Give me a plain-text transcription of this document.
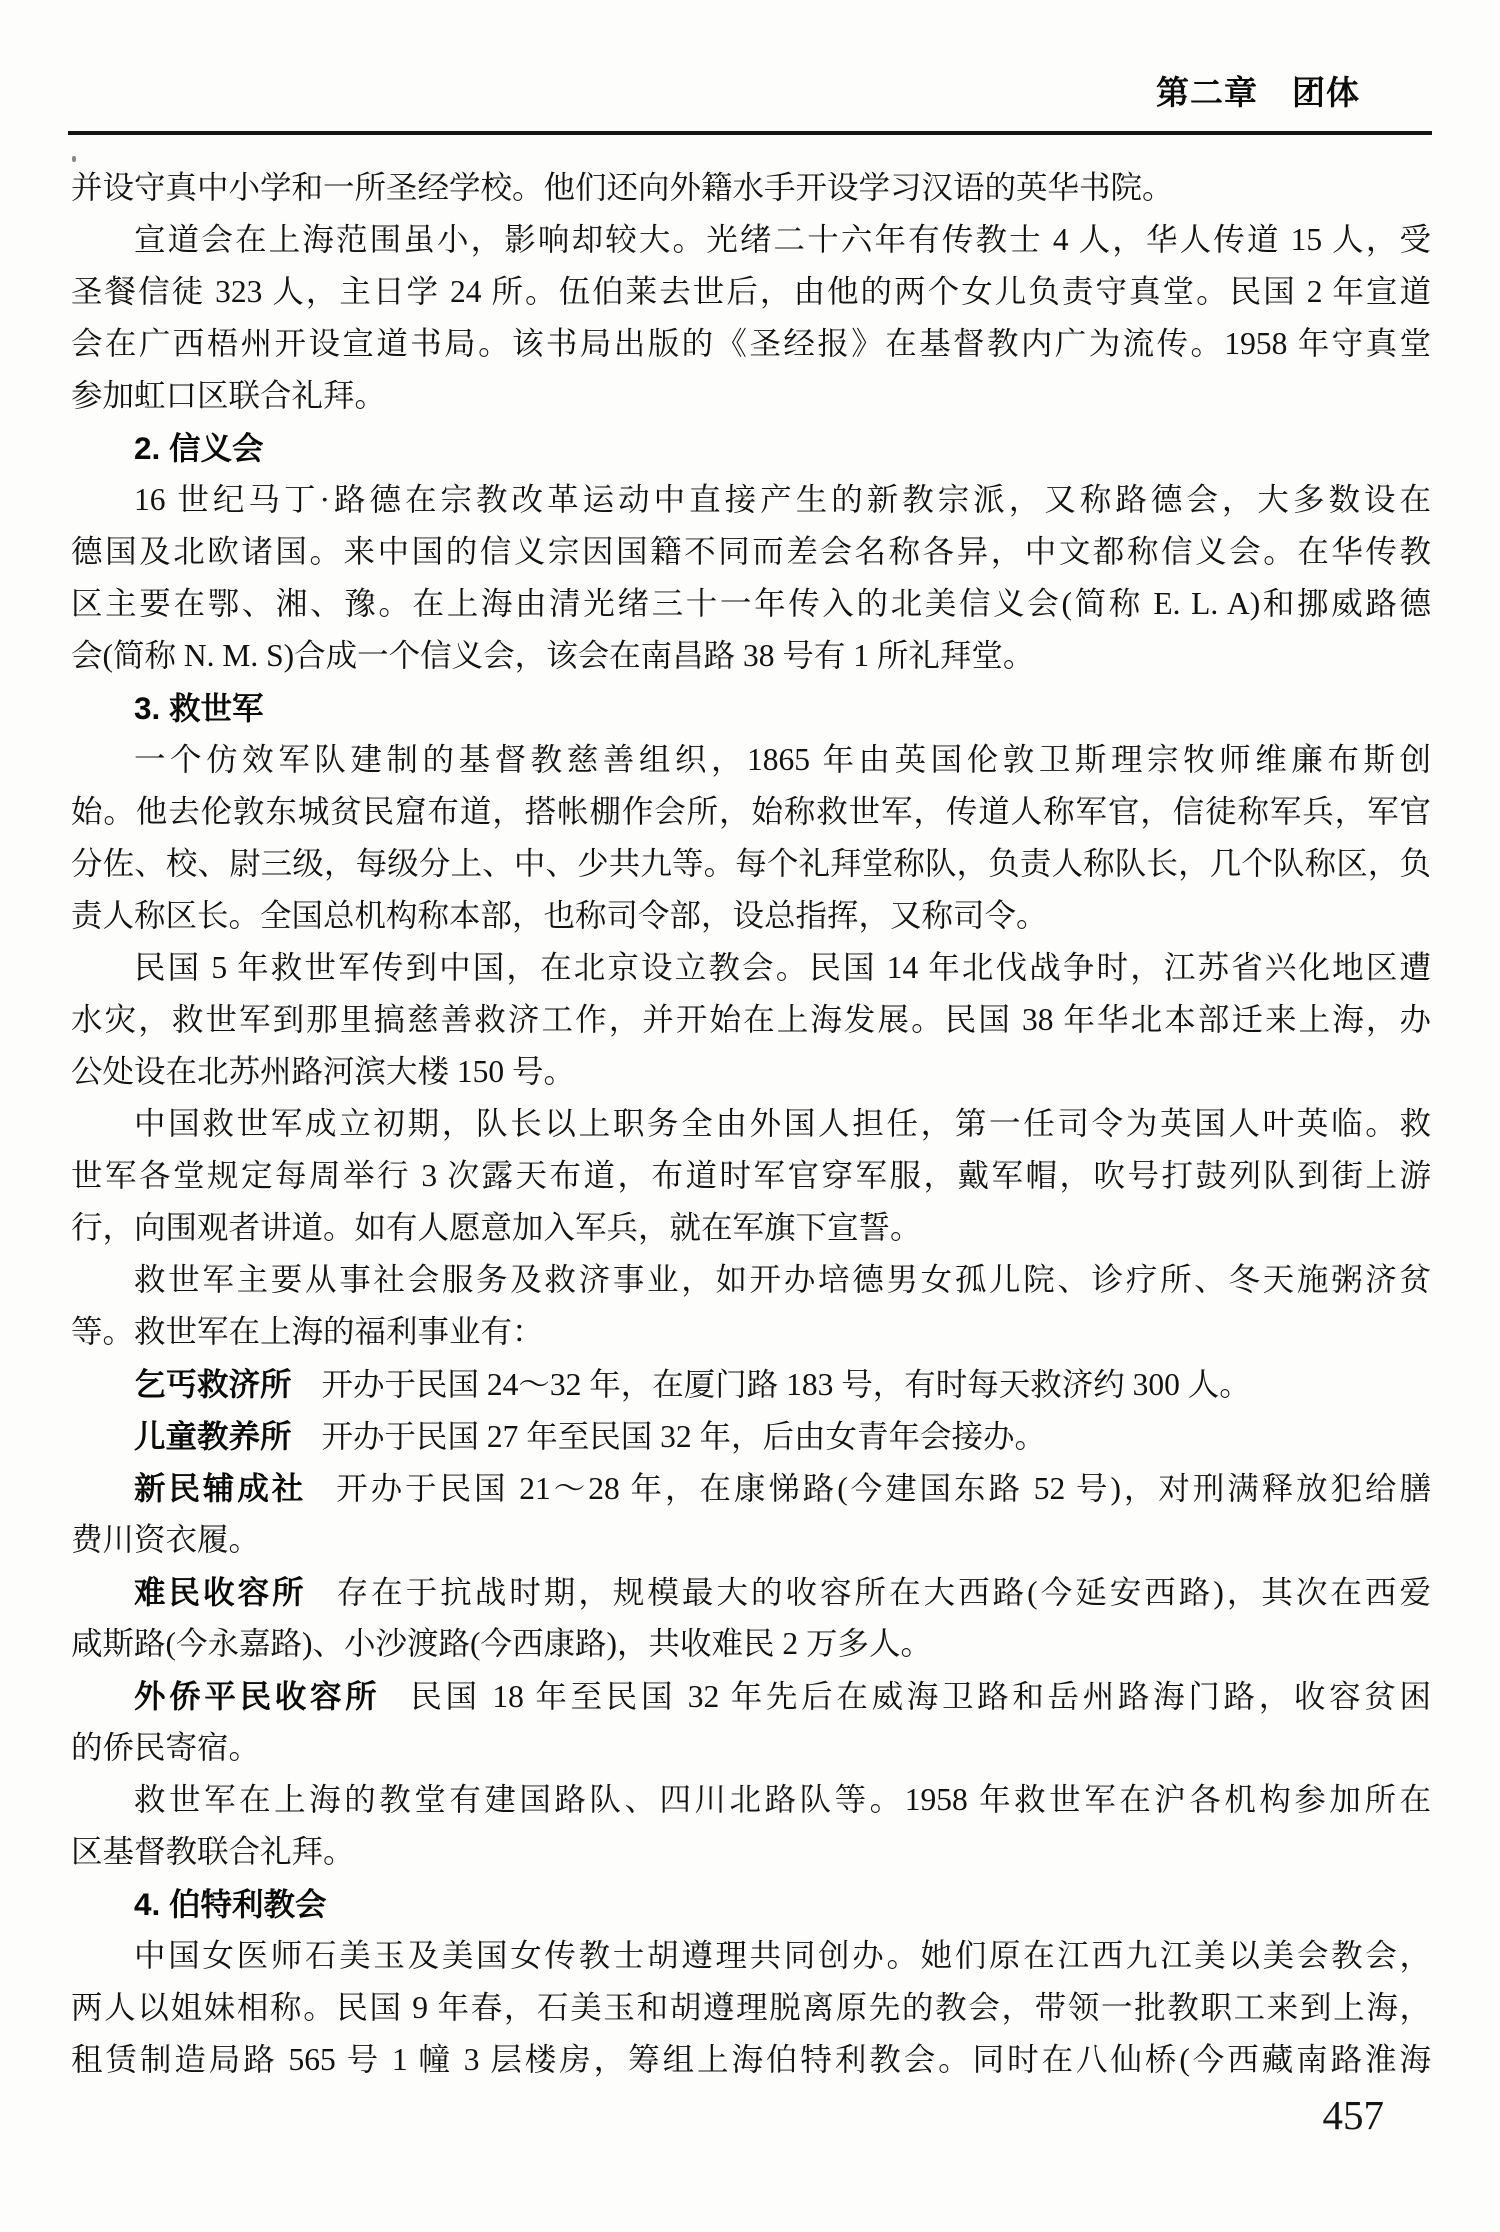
第二章　团体
并设守真中小学和一所圣经学校。他们还向外籍水手开设学习汉语的英华书院。
宣道会在上海范围虽小，影响却较大。光绪二十六年有传教士 4 人，华人传道 15 人，受
圣餐信徒 323 人，主日学 24 所。伍伯莱去世后，由他的两个女儿负责守真堂。民国 2 年宣道
会在广西梧州开设宣道书局。该书局出版的《圣经报》在基督教内广为流传。1958 年守真堂
参加虹口区联合礼拜。
2. 信义会
16 世纪马丁·路德在宗教改革运动中直接产生的新教宗派，又称路德会，大多数设在
德国及北欧诸国。来中国的信义宗因国籍不同而差会名称各异，中文都称信义会。在华传教
区主要在鄂、湘、豫。在上海由清光绪三十一年传入的北美信义会(简称 E. L. A)和挪威路德
会(简称 N. M. S)合成一个信义会，该会在南昌路 38 号有 1 所礼拜堂。
3. 救世军
一个仿效军队建制的基督教慈善组织，1865 年由英国伦敦卫斯理宗牧师维廉布斯创
始。他去伦敦东城贫民窟布道，搭帐棚作会所，始称救世军，传道人称军官，信徒称军兵，军官
分佐、校、尉三级，每级分上、中、少共九等。每个礼拜堂称队，负责人称队长，几个队称区，负
责人称区长。全国总机构称本部，也称司令部，设总指挥，又称司令。
民国 5 年救世军传到中国，在北京设立教会。民国 14 年北伐战争时，江苏省兴化地区遭
水灾，救世军到那里搞慈善救济工作，并开始在上海发展。民国 38 年华北本部迁来上海，办
公处设在北苏州路河滨大楼 150 号。
中国救世军成立初期，队长以上职务全由外国人担任，第一任司令为英国人叶英临。救
世军各堂规定每周举行 3 次露天布道，布道时军官穿军服，戴军帽，吹号打鼓列队到街上游
行，向围观者讲道。如有人愿意加入军兵，就在军旗下宣誓。
救世军主要从事社会服务及救济事业，如开办培德男女孤儿院、诊疗所、冬天施粥济贫
等。救世军在上海的福利事业有：
乞丐救济所 开办于民国 24～32 年，在厦门路 183 号，有时每天救济约 300 人。
儿童教养所 开办于民国 27 年至民国 32 年，后由女青年会接办。
新民辅成社 开办于民国 21～28 年，在康悌路(今建国东路 52 号)，对刑满释放犯给膳
费川资衣履。
难民收容所 存在于抗战时期，规模最大的收容所在大西路(今延安西路)，其次在西爱
咸斯路(今永嘉路)、小沙渡路(今西康路)，共收难民 2 万多人。
外侨平民收容所 民国 18 年至民国 32 年先后在威海卫路和岳州路海门路，收容贫困
的侨民寄宿。
救世军在上海的教堂有建国路队、四川北路队等。1958 年救世军在沪各机构参加所在
区基督教联合礼拜。
4. 伯特利教会
中国女医师石美玉及美国女传教士胡遵理共同创办。她们原在江西九江美以美会教会，
两人以姐妹相称。民国 9 年春，石美玉和胡遵理脱离原先的教会，带领一批教职工来到上海，
租赁制造局路 565 号 1 幢 3 层楼房，筹组上海伯特利教会。同时在八仙桥(今西藏南路淮海
457
